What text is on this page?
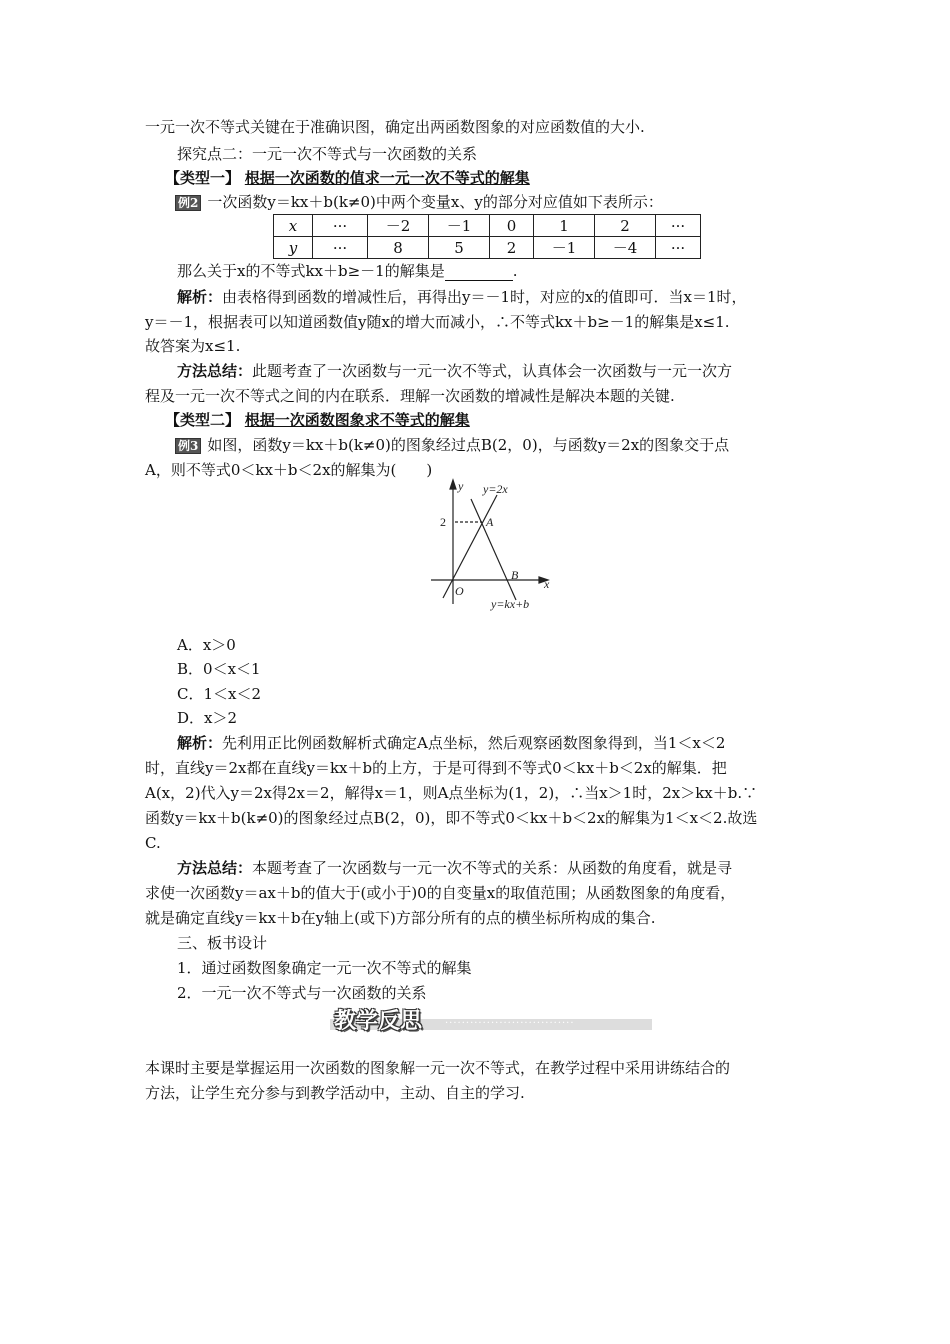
一元一次不等式关键在于准确识图，确定出两函数图象的对应函数值的大小.
探究点二：一元一次不等式与一次函数的关系
【类型一】 根据一次函数的值求一元一次不等式的解集
例2 一次函数y＝kx＋b(k≠0)中两个变量x、y的部分对应值如下表所示：
x	···	－2	－1	0	1	2	···
y	···	8	5	2	－1	－4	···
那么关于x的不等式kx＋b≥－1的解集是	.
解析：由表格得到函数的增减性后，再得出y＝－1时，对应的x的值即可．当x＝1时，
y＝－1，根据表可以知道函数值y随x的增大而减小，∴不等式kx＋b≥－1的解集是x≤1.
故答案为x≤1.
方法总结：此题考查了一次函数与一元一次不等式，认真体会一次函数与一元一次方
程及一元一次不等式之间的内在联系．理解一次函数的增减性是解决本题的关键.
【类型二】 根据一次函数图象求不等式的解集
例3 如图，函数y＝kx＋b(k≠0)的图象经过点B(2，0)，与函数y＝2x的图象交于点
A，则不等式0＜kx＋b＜2x的解集为(　　)
y
x
O
2	A
B
y=2x
y=kx+b
A．x＞0
B．0＜x＜1
C．1＜x＜2
D．x＞2
解析：先利用正比例函数解析式确定A点坐标，然后观察函数图象得到，当1＜x＜2
时，直线y＝2x都在直线y＝kx＋b的上方，于是可得到不等式0＜kx＋b＜2x的解集．把
A(x，2)代入y＝2x得2x＝2，解得x＝1，则A点坐标为(1，2)，∴当x＞1时，2x＞kx＋b.∵
函数y＝kx＋b(k≠0)的图象经过点B(2，0)，即不等式0＜kx＋b＜2x的解集为1＜x＜2.故选
C.
方法总结：本题考查了一次函数与一元一次不等式的关系：从函数的角度看，就是寻
求使一次函数y＝ax＋b的值大于(或小于)0的自变量x的取值范围；从函数图象的角度看，
就是确定直线y＝kx＋b在y轴上(或下)方部分所有的点的横坐标所构成的集合.
三、板书设计
1．通过函数图象确定一元一次不等式的解集
2．一元一次不等式与一次函数的关系
·······························
教学反思
本课时主要是掌握运用一次函数的图象解一元一次不等式，在教学过程中采用讲练结合的
方法，让学生充分参与到教学活动中，主动、自主的学习.
